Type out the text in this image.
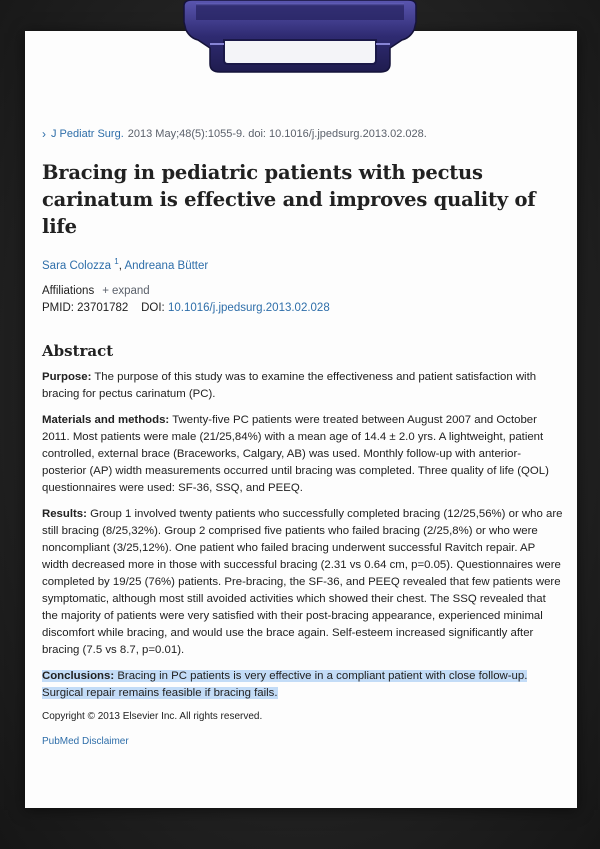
› J Pediatr Surg. 2013 May;48(5):1055-9. doi: 10.1016/j.jpedsurg.2013.02.028.
Bracing in pediatric patients with pectus carinatum is effective and improves quality of life
Sara Colozza $^1$, Andreana Bütter
Affiliations + expand
PMID: 23701782 DOI: 10.1016/j.jpedsurg.2013.02.028
Abstract
Purpose: The purpose of this study was to examine the effectiveness and patient satisfaction with bracing for pectus carinatum (PC).
Materials and methods: Twenty-five PC patients were treated between August 2007 and October 2011. Most patients were male (21/25,84%) with a mean age of 14.4 ± 2.0 yrs. A lightweight, patient controlled, external brace (Braceworks, Calgary, AB) was used. Monthly follow-up with anterior-posterior (AP) width measurements occurred until bracing was completed. Three quality of life (QOL) questionnaires were used: SF-36, SSQ, and PEEQ.
Results: Group 1 involved twenty patients who successfully completed bracing (12/25,56%) or who are still bracing (8/25,32%). Group 2 comprised five patients who failed bracing (2/25,8%) or who were noncompliant (3/25,12%). One patient who failed bracing underwent successful Ravitch repair. AP width decreased more in those with successful bracing (2.31 vs 0.64 cm, p=0.05). Questionnaires were completed by 19/25 (76%) patients. Pre-bracing, the SF-36, and PEEQ revealed that few patients were symptomatic, although most still avoided activities which showed their chest. The SSQ revealed that the majority of patients were very satisfied with their post-bracing appearance, experienced minimal discomfort while bracing, and would use the brace again. Self-esteem increased significantly after bracing (7.5 vs 8.7, p=0.01).
Conclusions: Bracing in PC patients is very effective in a compliant patient with close follow-up. Surgical repair remains feasible if bracing fails.
Copyright © 2013 Elsevier Inc. All rights reserved.
PubMed Disclaimer
